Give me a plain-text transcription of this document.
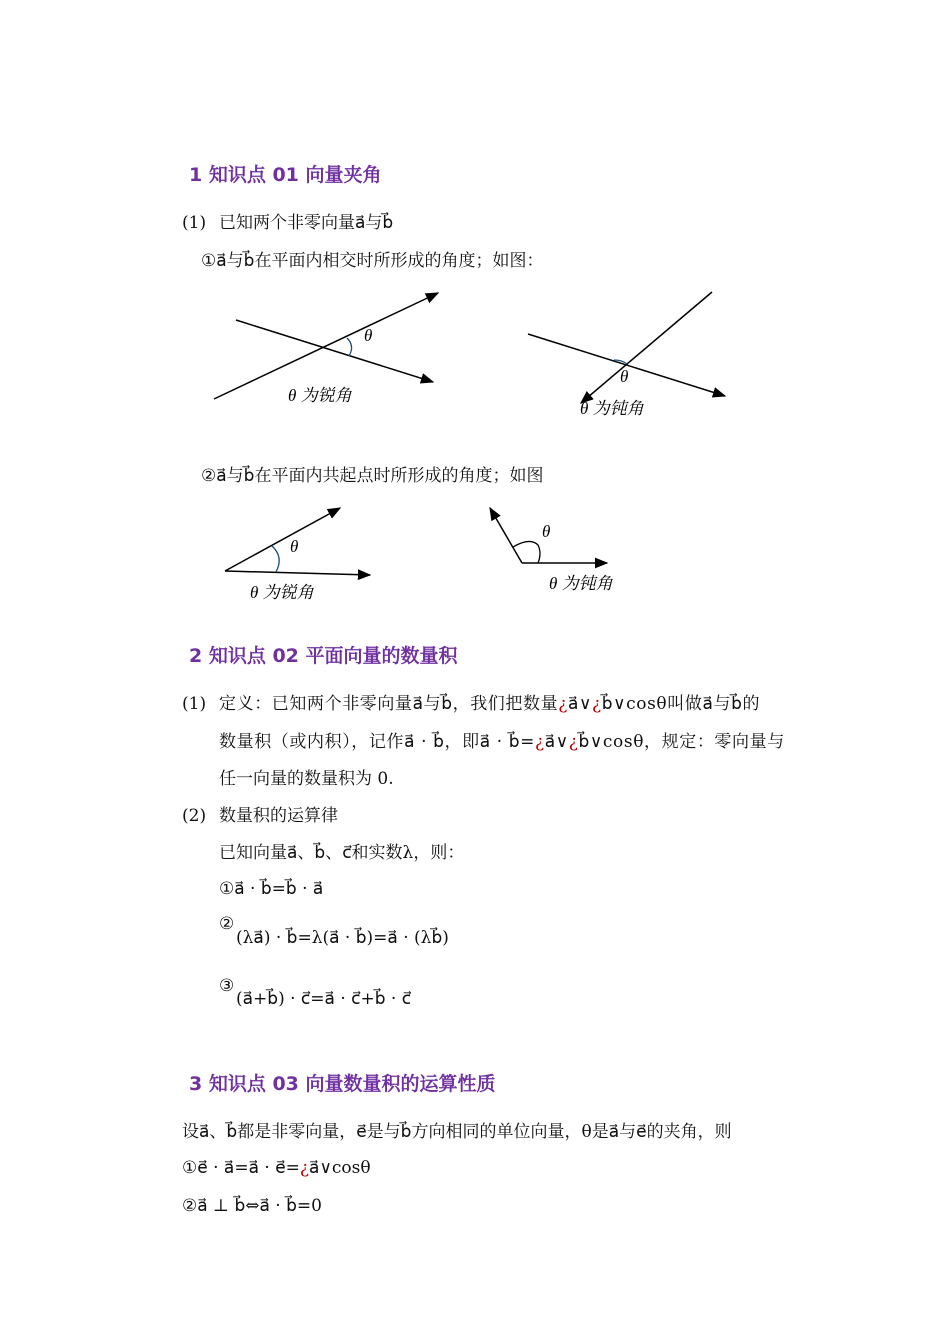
1 知识点 01 向量夹角
(1) 已知两个非零向量a⃗与b⃗
①a⃗与b⃗在平面内相交时所形成的角度；如图：
θ
θ 为锐角
θ
θ 为钝角
②a⃗与b⃗在平面内共起点时所形成的角度；如图
θ
θ 为锐角
θ
θ 为钝角
2 知识点 02 平面向量的数量积
(1) 定义：已知两个非零向量a⃗与b⃗，我们把数量¿a⃗∨¿b⃗∨cosθ叫做a⃗与b⃗的
数量积（或内积），记作a⃗ · b⃗，即a⃗ · b⃗=¿a⃗∨¿b⃗∨cosθ，规定：零向量与
任一向量的数量积为 0.
(2) 数量积的运算律
已知向量a⃗、b⃗、c⃗和实数λ，则：
①a⃗ · b⃗=b⃗ · a⃗
②
(λa⃗) · b⃗=λ(a⃗ · b⃗)=a⃗ · (λb⃗)
③
(a⃗+b⃗) · c⃗=a⃗ · c⃗+b⃗ · c⃗
3 知识点 03 向量数量积的运算性质
设a⃗、b⃗都是非零向量，e⃗是与b⃗方向相同的单位向量，θ是a⃗与e⃗的夹角，则
①e⃗ · a⃗=a⃗ · e⃗=¿a⃗∨cosθ
②a⃗ ⊥ b⃗⇔a⃗ · b⃗=0
